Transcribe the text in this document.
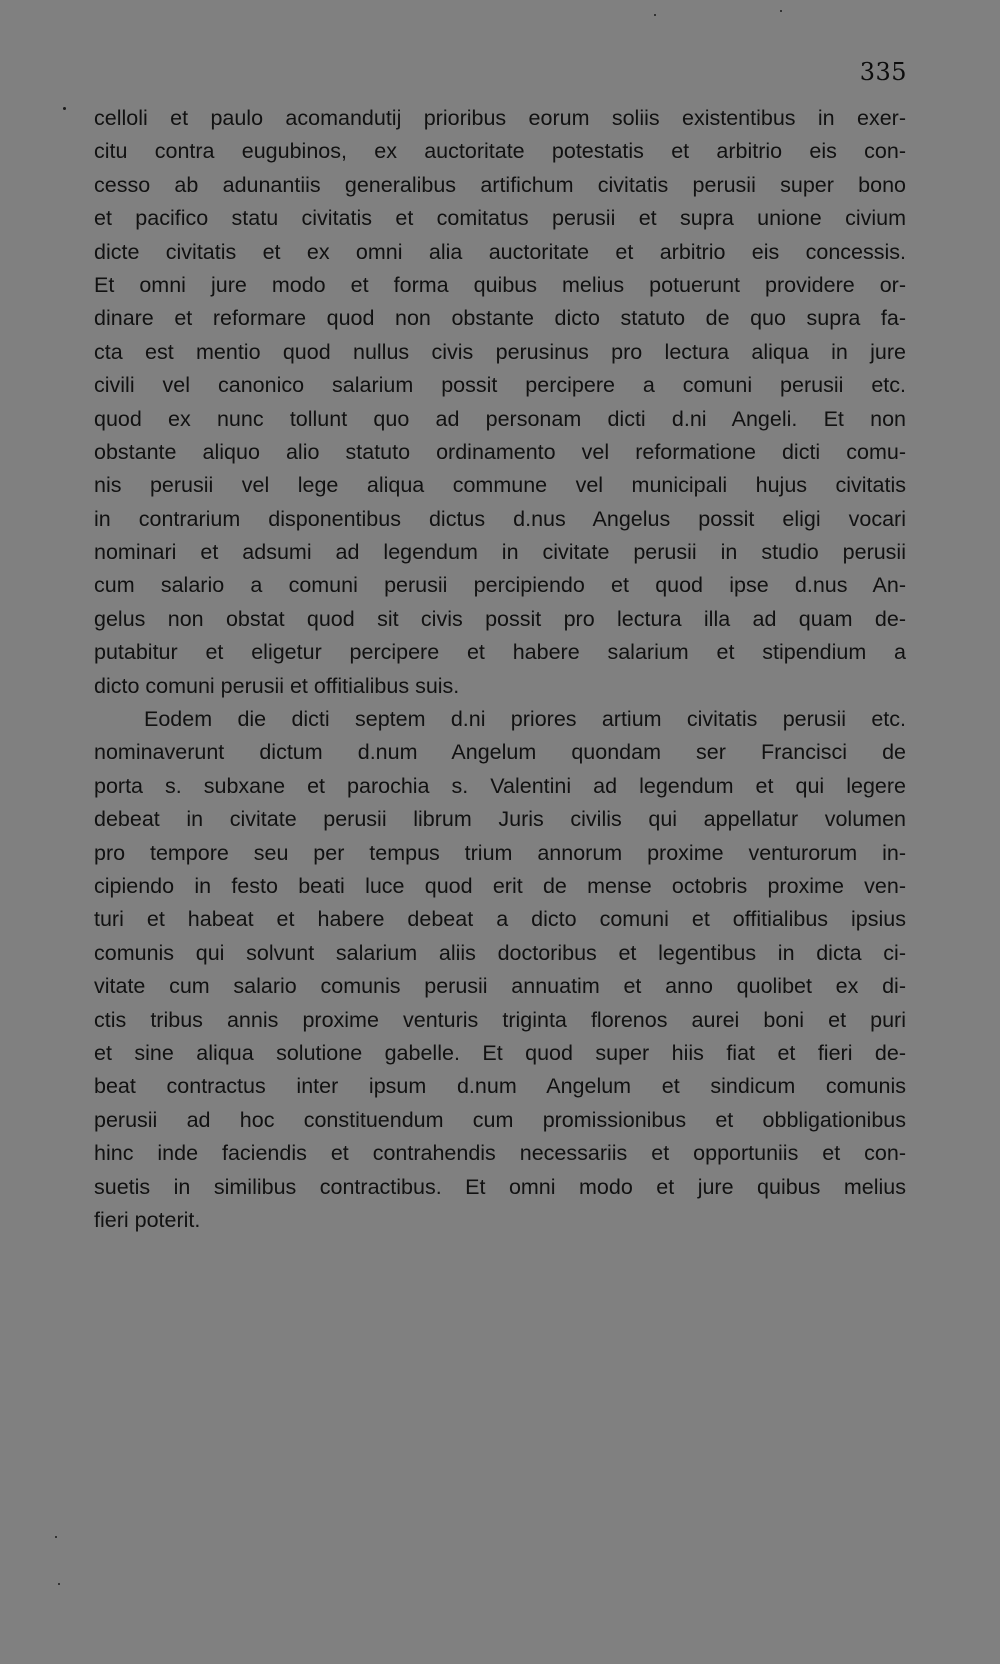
335
celloli et paulo acomandutij prioribus eorum soliis existentibus in exer-
citu contra eugubinos, ex auctoritate potestatis et arbitrio eis con-
cesso ab adunantiis generalibus artifichum civitatis perusii super bono
et pacifico statu civitatis et comitatus perusii et supra unione civium
dicte civitatis et ex omni alia auctoritate et arbitrio eis concessis.
Et omni jure modo et forma quibus melius potuerunt providere or-
dinare et reformare quod non obstante dicto statuto de quo supra fa-
cta est mentio quod nullus civis perusinus pro lectura aliqua in jure
civili vel canonico salarium possit percipere a comuni perusii etc.
quod ex nunc tollunt quo ad personam dicti d.ni Angeli. Et non
obstante aliquo alio statuto ordinamento vel reformatione dicti comu-
nis perusii vel lege aliqua commune vel municipali hujus civitatis
in contrarium disponentibus dictus d.nus Angelus possit eligi vocari
nominari et adsumi ad legendum in civitate perusii in studio perusii
cum salario a comuni perusii percipiendo et quod ipse d.nus An-
gelus non obstat quod sit civis possit pro lectura illa ad quam de-
putabitur et eligetur percipere et habere salarium et stipendium a
dicto comuni perusii et offitialibus suis.
Eodem die dicti septem d.ni priores artium civitatis perusii etc.
nominaverunt dictum d.num Angelum quondam ser Francisci de
porta s. subxane et parochia s. Valentini ad legendum et qui legere
debeat in civitate perusii librum Juris civilis qui appellatur volumen
pro tempore seu per tempus trium annorum proxime venturorum in-
cipiendo in festo beati luce quod erit de mense octobris proxime ven-
turi et habeat et habere debeat a dicto comuni et offitialibus ipsius
comunis qui solvunt salarium aliis doctoribus et legentibus in dicta ci-
vitate cum salario comunis perusii annuatim et anno quolibet ex di-
ctis tribus annis proxime venturis triginta florenos aurei boni et puri
et sine aliqua solutione gabelle. Et quod super hiis fiat et fieri de-
beat contractus inter ipsum d.num Angelum et sindicum comunis
perusii ad hoc constituendum cum promissionibus et obbligationibus
hinc inde faciendis et contrahendis necessariis et opportuniis et con-
suetis in similibus contractibus. Et omni modo et jure quibus melius
fieri poterit.
